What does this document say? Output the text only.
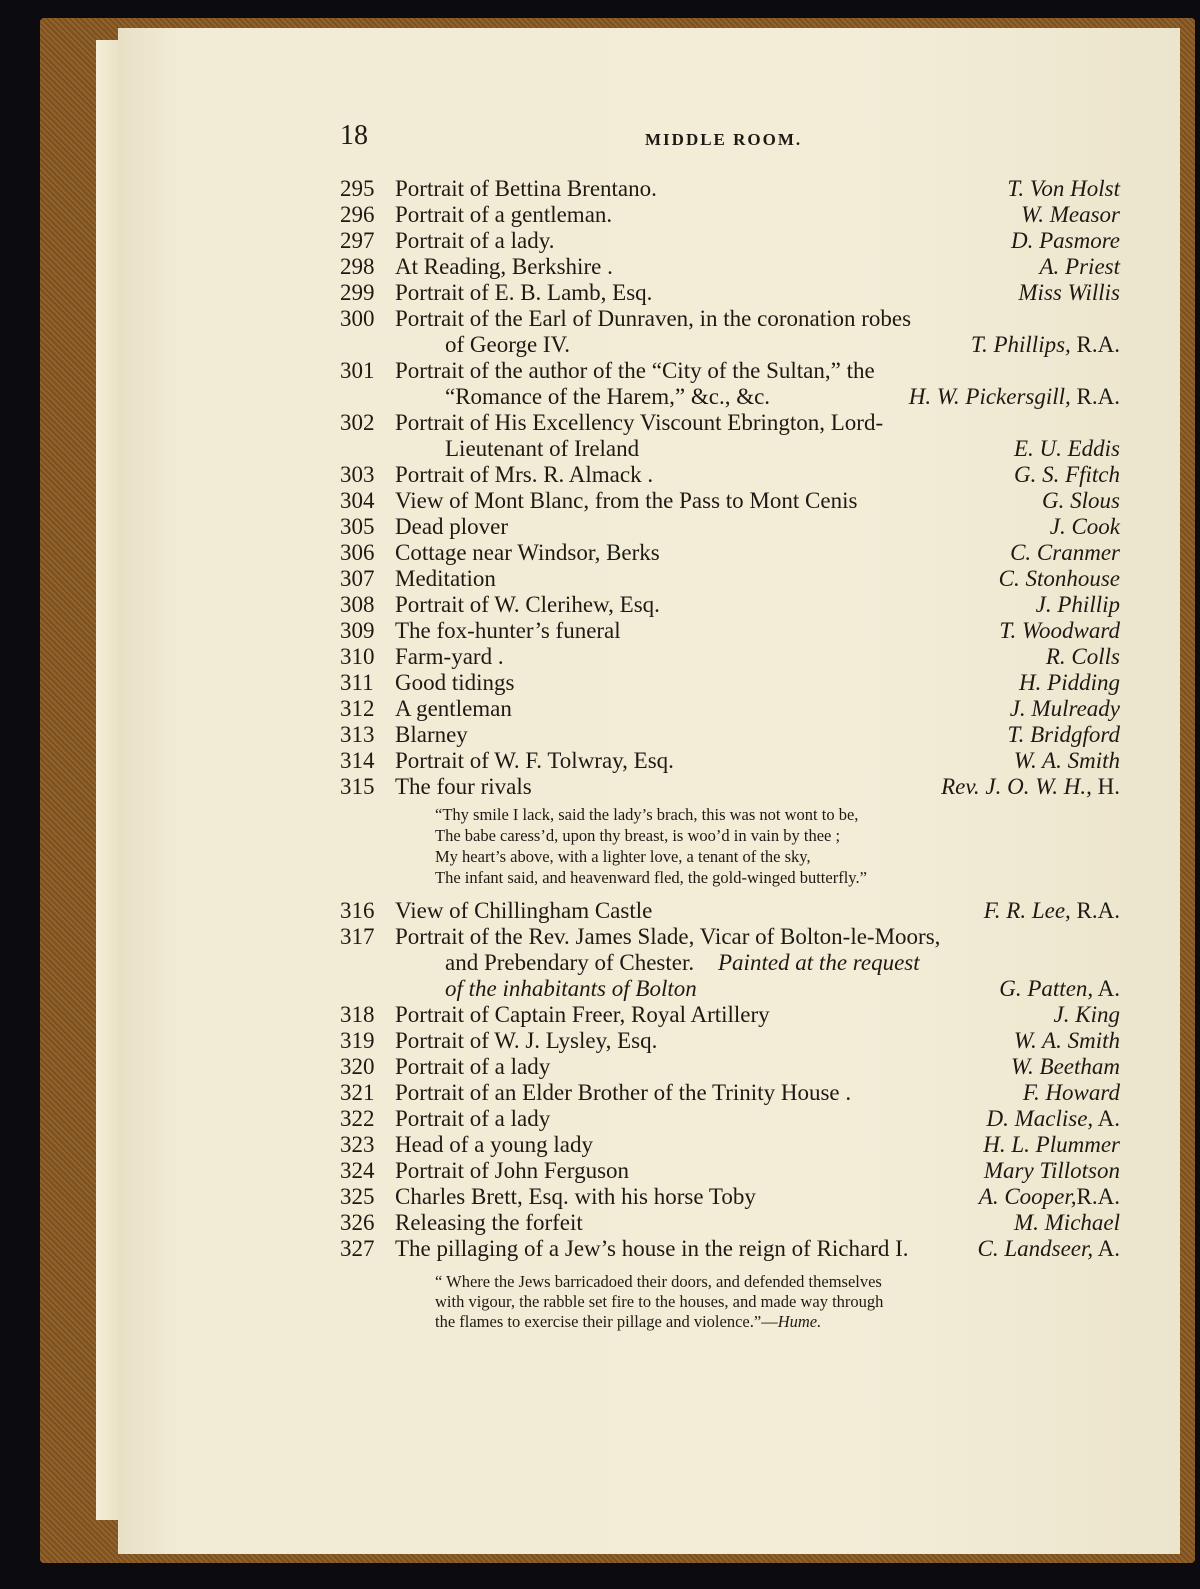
18	MIDDLE ROOM.
295 Portrait of Bettina Brentano.	T. Von Holst
296 Portrait of a gentleman.	W. Measor
297 Portrait of a lady.	D. Pasmore
298 At Reading, Berkshire .	A. Priest
299 Portrait of E. B. Lamb, Esq.	Miss Willis
300 Portrait of the Earl of Dunraven, in the coronation robes
of George IV.	T. Phillips, R.A.
301 Portrait of the author of the “City of the Sultan,” the
“Romance of the Harem,” &c., &c.	H. W. Pickersgill, R.A.
302 Portrait of His Excellency Viscount Ebrington, Lord-
Lieutenant of Ireland	E. U. Eddis
303 Portrait of Mrs. R. Almack .	G. S. Ffitch
304 View of Mont Blanc, from the Pass to Mont Cenis	G. Slous
305 Dead plover	J. Cook
306 Cottage near Windsor, Berks	C. Cranmer
307 Meditation	C. Stonhouse
308 Portrait of W. Clerihew, Esq.	J. Phillip
309 The fox-hunter’s funeral	T. Woodward
310 Farm-yard .	R. Colls
311 Good tidings	H. Pidding
312 A gentleman	J. Mulready
313 Blarney	T. Bridgford
314 Portrait of W. F. Tolwray, Esq.	W. A. Smith
315 The four rivals	Rev. J. O. W. H., H.
“Thy smile I lack, said the lady’s brach, this was not wont to be,
The babe caress’d, upon thy breast, is woo’d in vain by thee ;
My heart’s above, with a lighter love, a tenant of the sky,
The infant said, and heavenward fled, the gold-winged butterfly.”
316 View of Chillingham Castle	F. R. Lee, R.A.
317 Portrait of the Rev. James Slade, Vicar of Bolton-le-Moors,
and Prebendary of Chester. Painted at the request
of the inhabitants of Bolton	G. Patten, A.
318 Portrait of Captain Freer, Royal Artillery	J. King
319 Portrait of W. J. Lysley, Esq.	W. A. Smith
320 Portrait of a lady	W. Beetham
321 Portrait of an Elder Brother of the Trinity House .	F. Howard
322 Portrait of a lady	D. Maclise, A.
323 Head of a young lady	H. L. Plummer
324 Portrait of John Ferguson	Mary Tillotson
325 Charles Brett, Esq. with his horse Toby	A. Cooper,R.A.
326 Releasing the forfeit	M. Michael
327 The pillaging of a Jew’s house in the reign of Richard I.	C. Landseer, A.
“ Where the Jews barricadoed their doors, and defended themselves
with vigour, the rabble set fire to the houses, and made way through
the flames to exercise their pillage and violence.”—Hume.
